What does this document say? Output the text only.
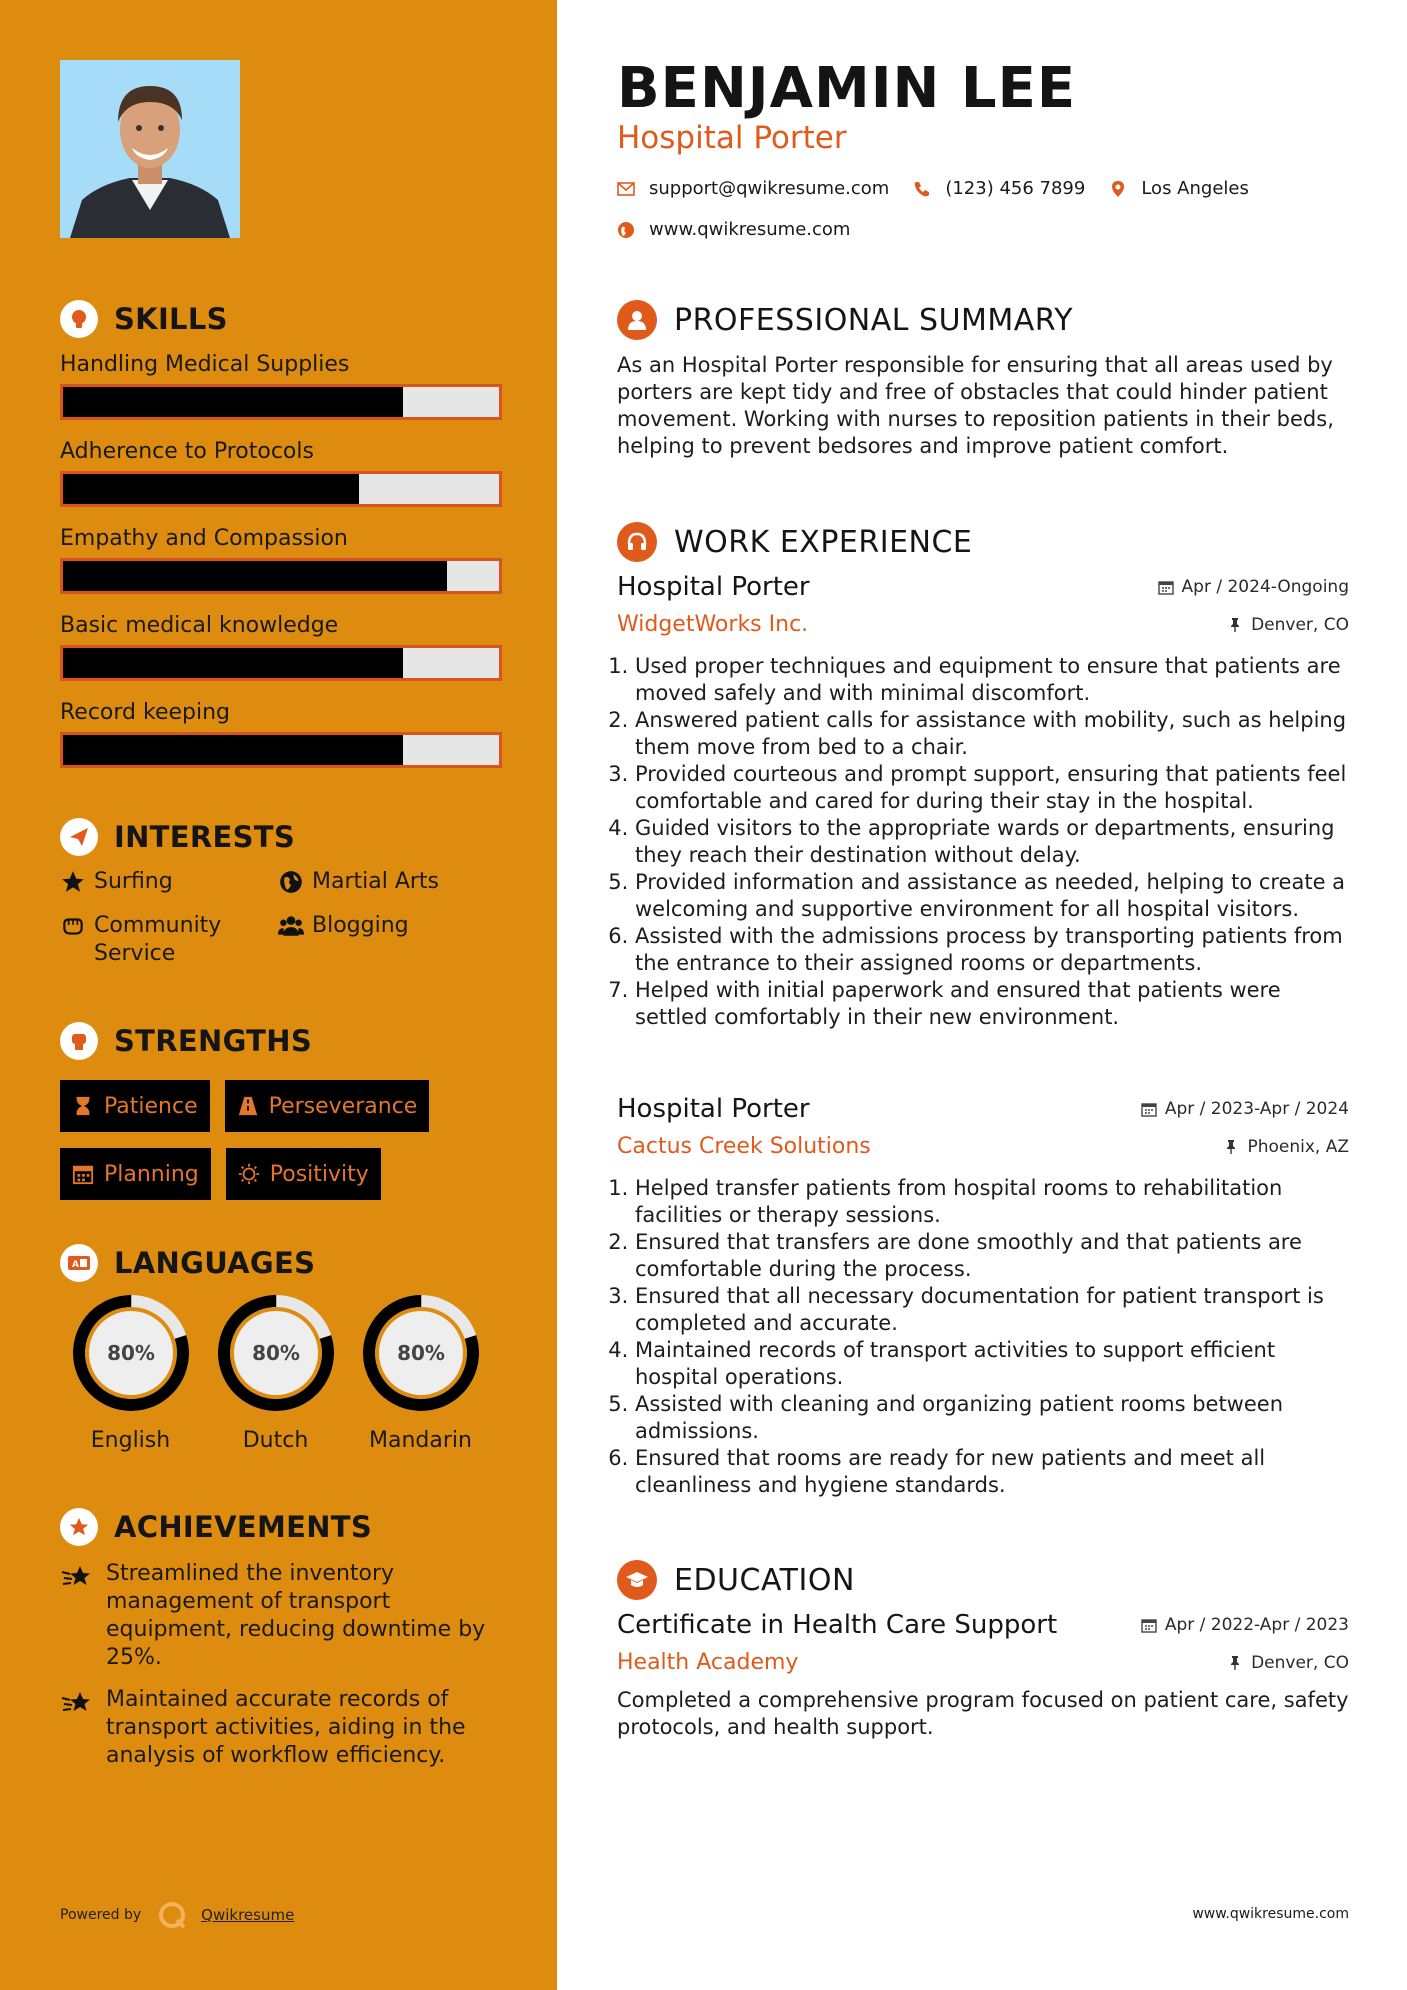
SKILLS
Handling Medical Supplies
Adherence to Protocols
Empathy and Compassion
Basic medical knowledge
Record keeping
INTERESTS
Surfing	Martial Arts
Community Service
Blogging
STRENGTHS
Patience	Perseverance
Planning	Positivity
A LANGUAGES
80%
English
80%
Dutch
80%
Mandarin
ACHIEVEMENTS
Streamlined the inventory management of transport equipment, reducing downtime by 25%.
Maintained accurate records of transport activities, aiding in the analysis of workflow efficiency.
Powered by	Qwikresume
BENJAMIN LEE
Hospital Porter
support@qwikresume.com	(123) 456 7899	Los Angeles
www.qwikresume.com
PROFESSIONAL SUMMARY
As an Hospital Porter responsible for ensuring that all areas used by porters are kept tidy and free of obstacles that could hinder patient movement. Working with nurses to reposition patients in their beds, helping to prevent bedsores and improve patient comfort.
WORK EXPERIENCE
Hospital Porter	Apr / 2024-Ongoing
WidgetWorks Inc.	Denver, CO
1. Used proper techniques and equipment to ensure that patients are moved safely and with minimal discomfort.
2. Answered patient calls for assistance with mobility, such as helping them move from bed to a chair.
3. Provided courteous and prompt support, ensuring that patients feel comfortable and cared for during their stay in the hospital.
4. Guided visitors to the appropriate wards or departments, ensuring they reach their destination without delay.
5. Provided information and assistance as needed, helping to create a welcoming and supportive environment for all hospital visitors.
6. Assisted with the admissions process by transporting patients from the entrance to their assigned rooms or departments.
7. Helped with initial paperwork and ensured that patients were settled comfortably in their new environment.
Hospital Porter	Apr / 2023-Apr / 2024
Cactus Creek Solutions	Phoenix, AZ
1. Helped transfer patients from hospital rooms to rehabilitation facilities or therapy sessions.
2. Ensured that transfers are done smoothly and that patients are comfortable during the process.
3. Ensured that all necessary documentation for patient transport is completed and accurate.
4. Maintained records of transport activities to support efficient hospital operations.
5. Assisted with cleaning and organizing patient rooms between admissions.
6. Ensured that rooms are ready for new patients and meet all cleanliness and hygiene standards.
EDUCATION
Certificate in Health Care Support	Apr / 2022-Apr / 2023
Health Academy	Denver, CO
Completed a comprehensive program focused on patient care, safety protocols, and health support.
www.qwikresume.com
